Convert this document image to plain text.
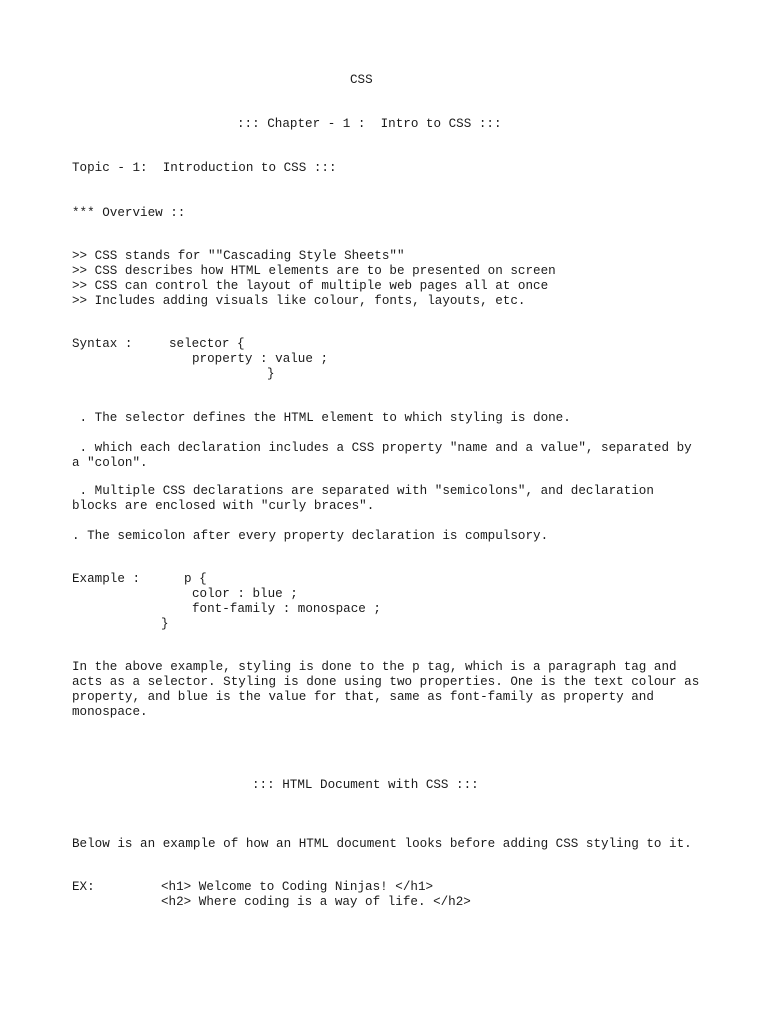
CSS

::: Chapter - 1 :  Intro to CSS :::

Topic - 1:  Introduction to CSS :::

*** Overview ::

>> CSS stands for ""Cascading Style Sheets""

>> CSS describes how HTML elements are to be presented on screen

>> CSS can control the layout of multiple web pages all at once

>> Includes adding visuals like colour, fonts, layouts, etc.

Syntax :	selector {

property : value ;

}

. The selector defines the HTML element to which styling is done.

. which each declaration includes a CSS property "name and a value", separated by

a "colon".

. Multiple CSS declarations are separated with "semicolons", and declaration

blocks are enclosed with "curly braces".

. The semicolon after every property declaration is compulsory.

Example :	p {

color : blue ;

font-family : monospace ;

}

In the above example, styling is done to the p tag, which is a paragraph tag and

acts as a selector. Styling is done using two properties. One is the text colour as

property, and blue is the value for that, same as font-family as property and

monospace.

::: HTML Document with CSS :::

Below is an example of how an HTML document looks before adding CSS styling to it.

EX:	<h1> Welcome to Coding Ninjas! </h1>

<h2> Where coding is a way of life. </h2>
